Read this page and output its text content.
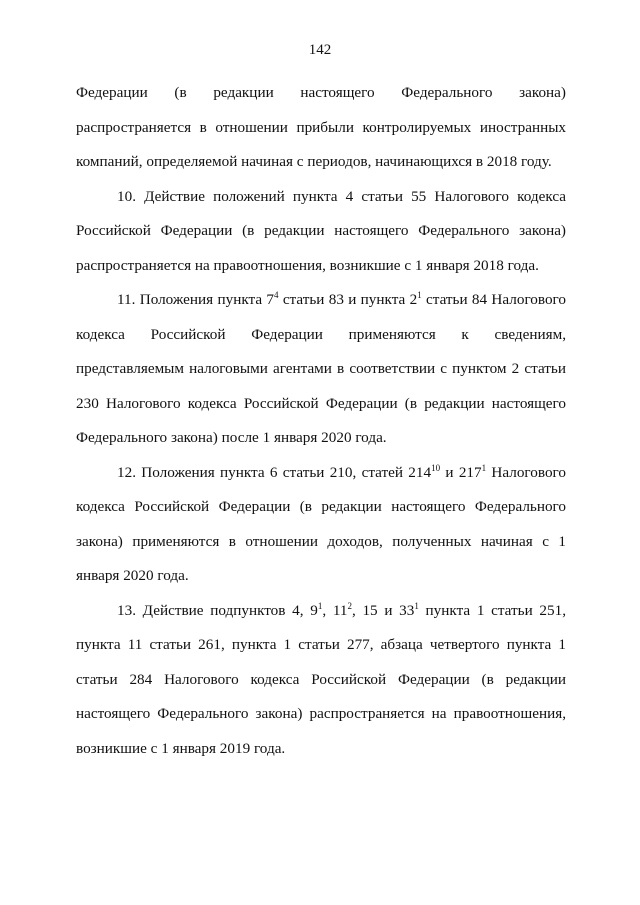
142

Федерации (в редакции настоящего Федерального закона) распространяется в отношении прибыли контролируемых иностранных компаний, определяемой начиная с периодов, начинающихся в 2018 году.

10. Действие положений пункта 4 статьи 55 Налогового кодекса Российской Федерации (в редакции настоящего Федерального закона) распространяется на правоотношения, возникшие с 1 января 2018 года.

11. Положения пункта $7^4$ статьи 83 и пункта $2^1$ статьи 84 Налогового кодекса Российской Федерации применяются к сведениям, представляемым налоговыми агентами в соответствии с пунктом 2 статьи 230 Налогового кодекса Российской Федерации (в редакции настоящего Федерального закона) после 1 января 2020 года.

12. Положения пункта 6 статьи 210, статей $214^{10}$ и $217^1$ Налогового кодекса Российской Федерации (в редакции настоящего Федерального закона) применяются в отношении доходов, полученных начиная с 1 января 2020 года.

13. Действие подпунктов 4, $9^1$, $11^2$, 15 и $33^1$ пункта 1 статьи 251, пункта 11 статьи 261, пункта 1 статьи 277, абзаца четвертого пункта 1 статьи 284 Налогового кодекса Российской Федерации (в редакции настоящего Федерального закона) распространяется на правоотношения, возникшие с 1 января 2019 года.
